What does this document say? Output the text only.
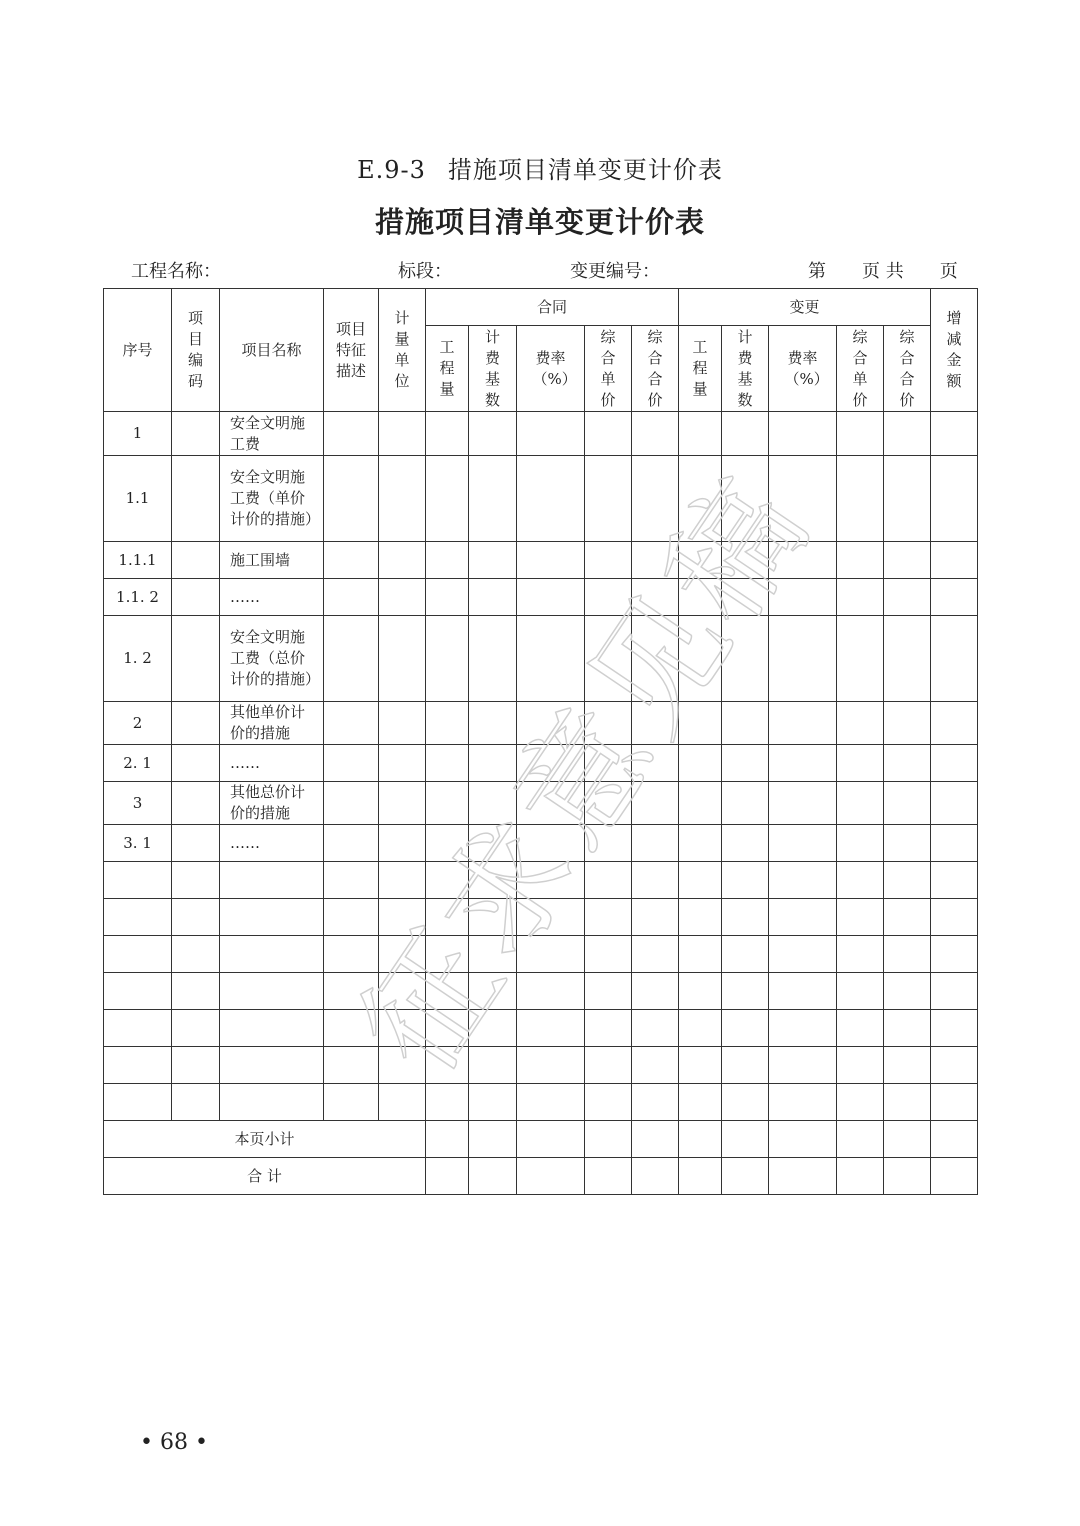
E.9-3 措施项目清单变更计价表
措施项目清单变更计价表
工程名称：	标段：	变更编号：	第　　页 共　　页
序号	项目编码	项目名称	项目特征描述	计量单位	合同					变更					增减金额
					工程量	计费基数	费率（%）	综合单价	综合合价	工程量	计费基数	费率（%）	综合单价	综合合价	
1		安全文明施工费													
1.1		安全文明施工费（单价计价的措施）													
1.1.1		施工围墙													
1.1. 2		……													
1. 2		安全文明施工费（总价计价的措施）													
2		其他单价计价的措施													
2. 1		……													
3		其他总价计价的措施													
3. 1		……													

本页小计															
合 计															
征求意见稿
• 68 •
